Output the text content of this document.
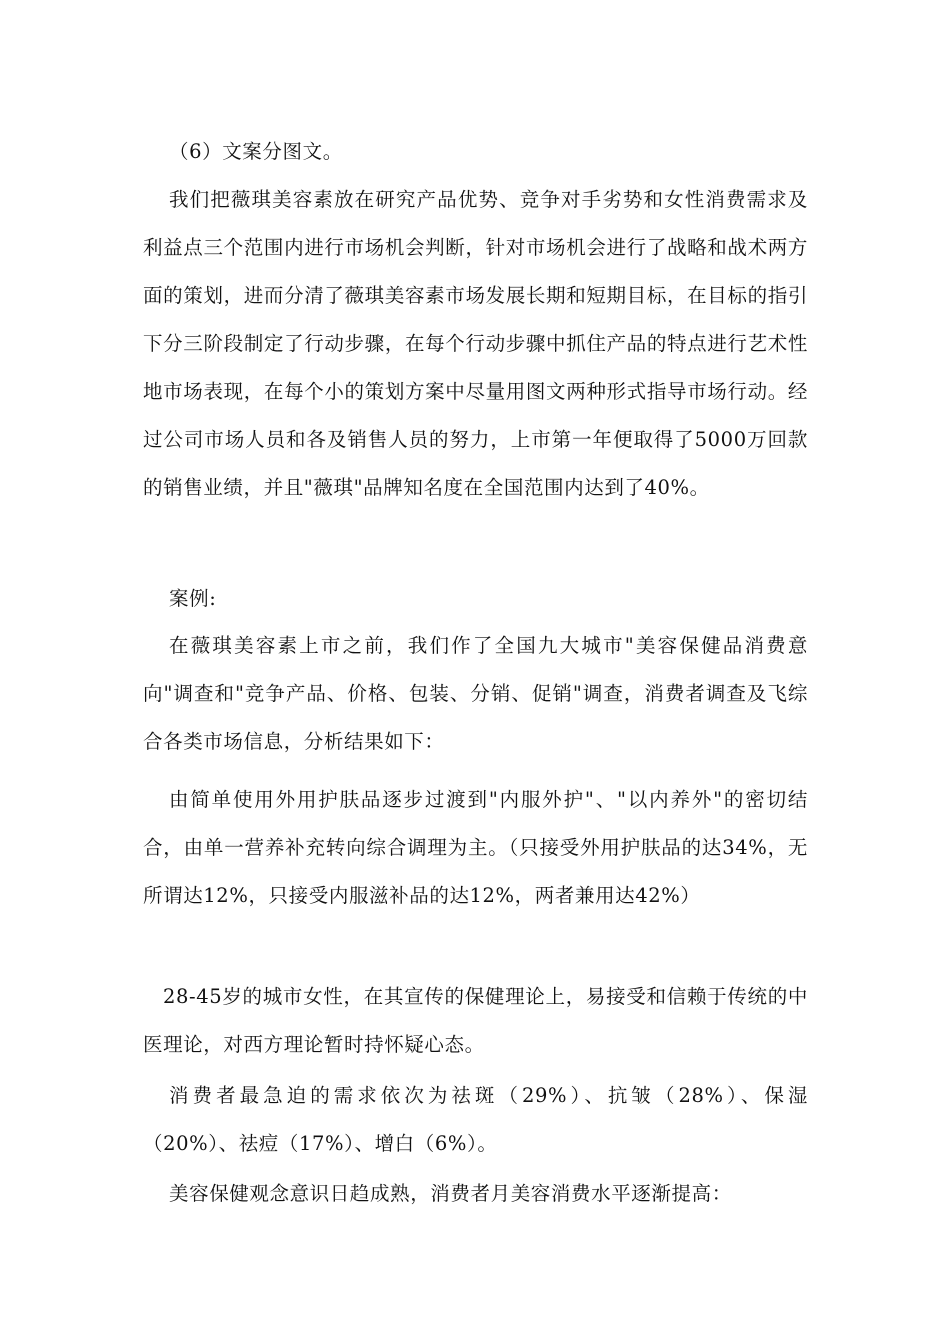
（6）文案分图文。

我们把薇琪美容素放在研究产品优势、竞争对手劣势和女性消费需求及利益点三个范围内进行市场机会判断，针对市场机会进行了战略和战术两方面的策划，进而分清了薇琪美容素市场发展长期和短期目标，在目标的指引下分三阶段制定了行动步骤，在每个行动步骤中抓住产品的特点进行艺术性地市场表现，在每个小的策划方案中尽量用图文两种形式指导市场行动。经过公司市场人员和各及销售人员的努力，上市第一年便取得了5000万回款的销售业绩，并且"薇琪"品牌知名度在全国范围内达到了40%。

案例:

在薇琪美容素上市之前，我们作了全国九大城市"美容保健品消费意向"调查和"竞争产品、价格、包装、分销、促销"调查，消费者调查及飞综合各类市场信息，分析结果如下：

由简单使用外用护肤品逐步过渡到"内服外护"、"以内养外"的密切结合，由单一营养补充转向综合调理为主。（只接受外用护肤品的达34%，无所谓达12%，只接受内服滋补品的达12%，两者兼用达42%）

28-45岁的城市女性，在其宣传的保健理论上，易接受和信赖于传统的中医理论，对西方理论暂时持怀疑心态。

消费者最急迫的需求依次为祛斑（29%）、抗皱（28%）、保湿（20%）、祛痘（17%）、增白（6%）。

美容保健观念意识日趋成熟，消费者月美容消费水平逐渐提高：
